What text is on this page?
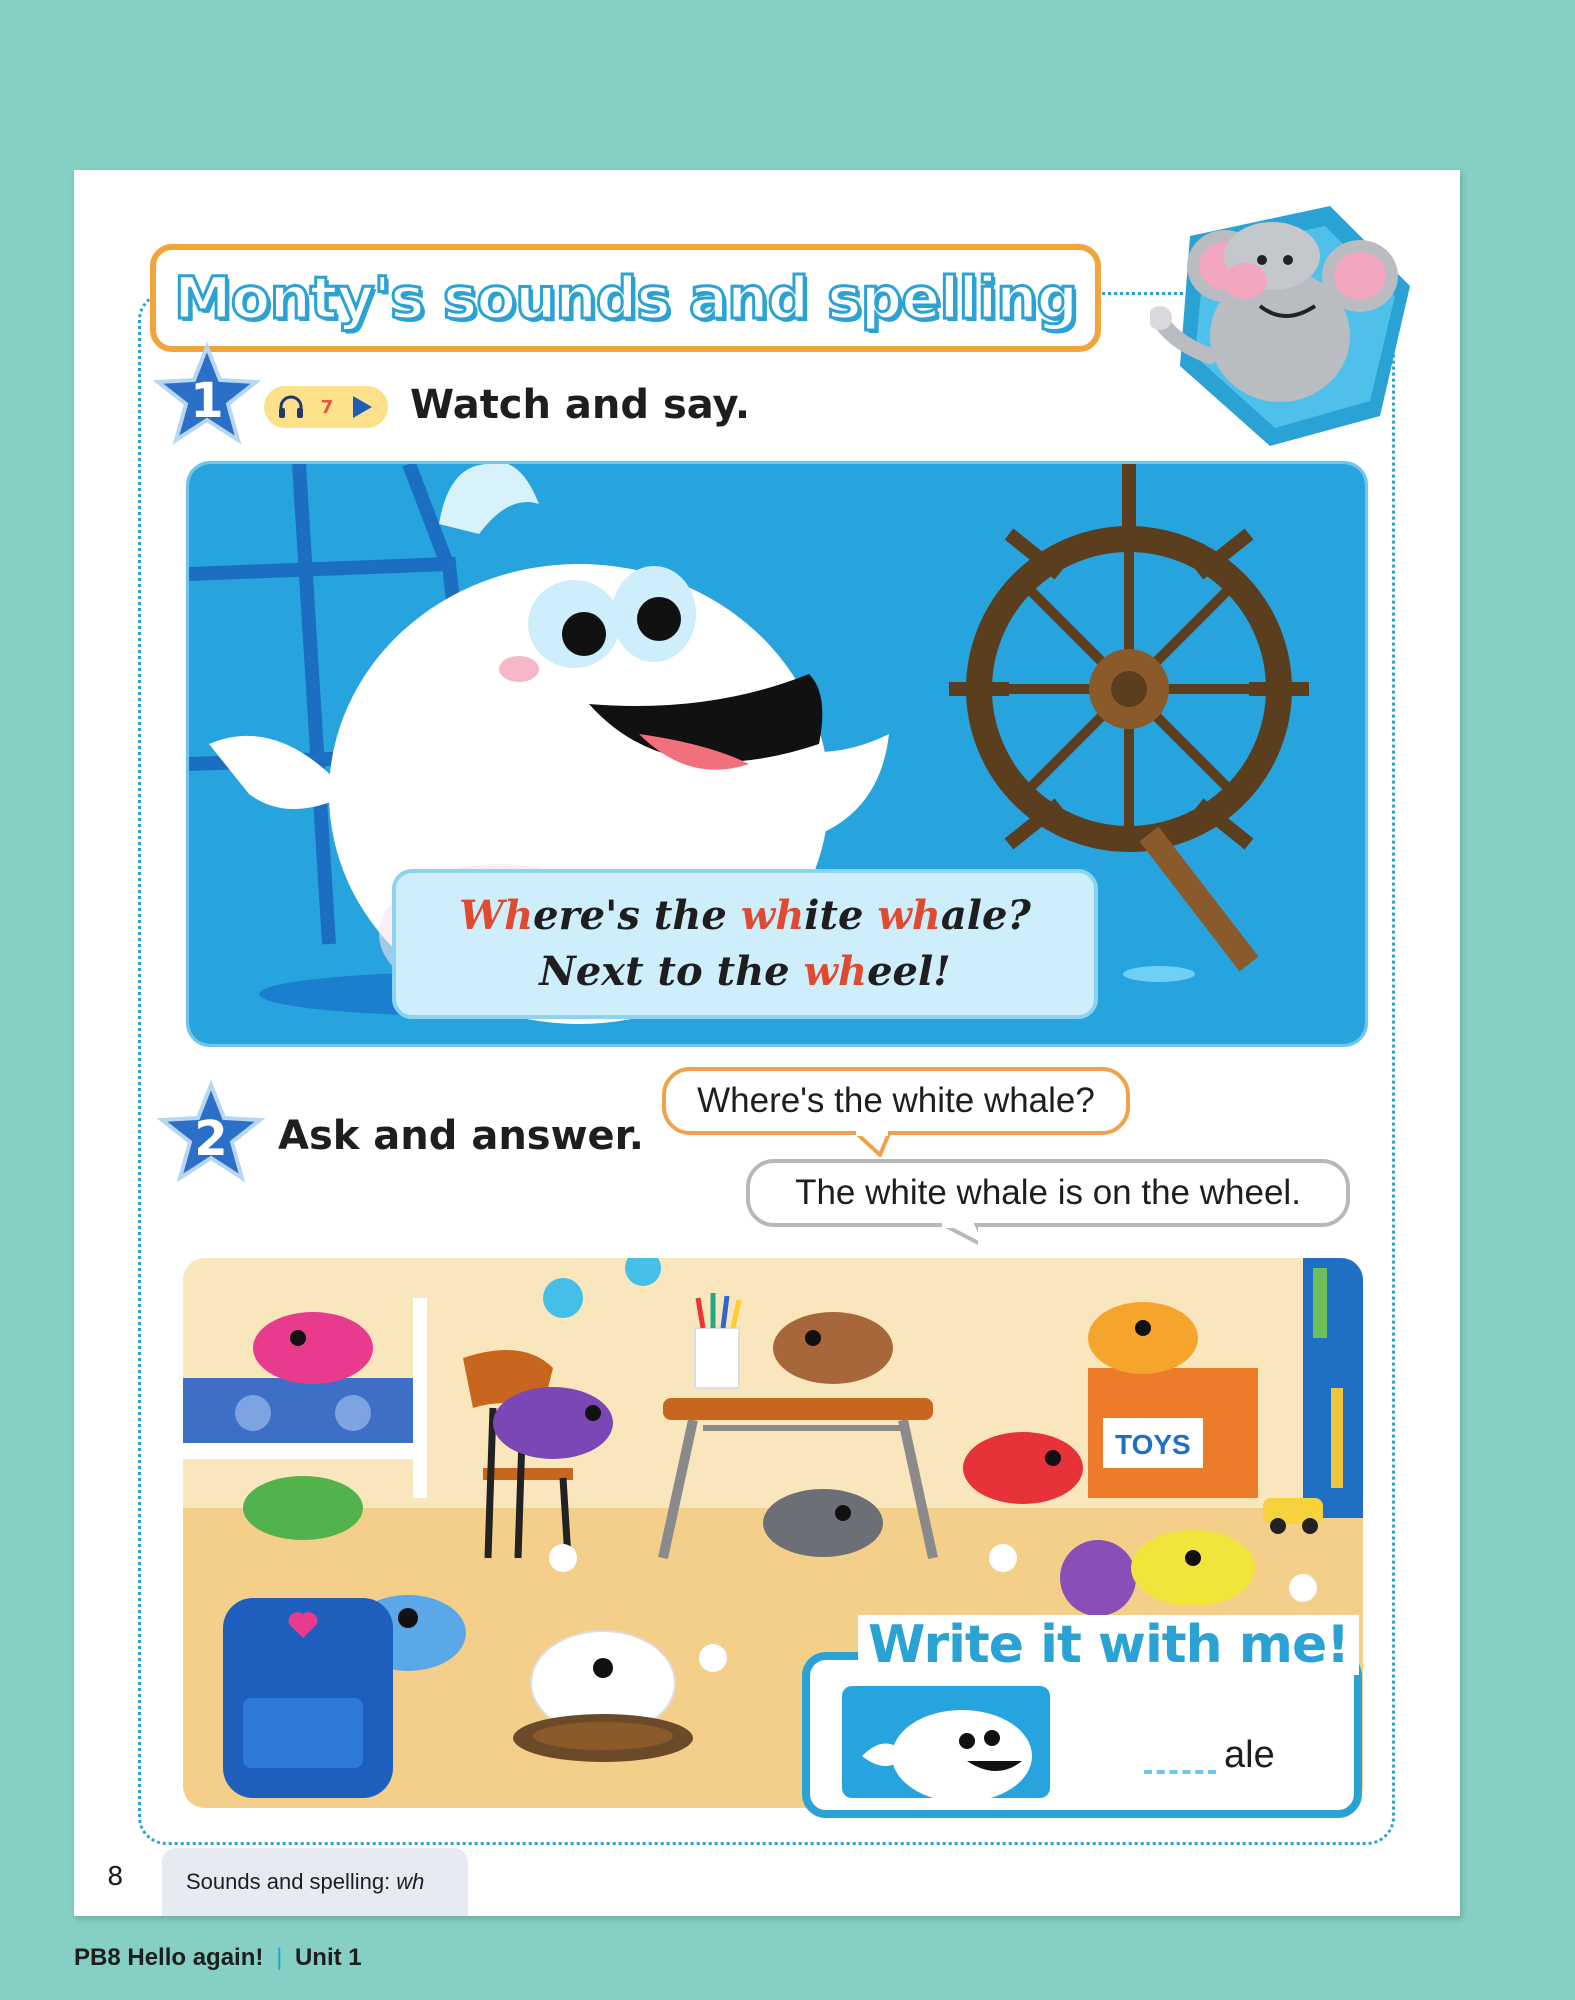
Monty's sounds and spelling
1	7 Watch and say.
Where's the white whale?
Next to the wheel!
2	Ask and answer.
Where's the white whale?
The white whale is on the wheel.
TOYS
Write it with me!
ale
8	Sounds and spelling: wh
PB8 Hello again! | Unit 1
